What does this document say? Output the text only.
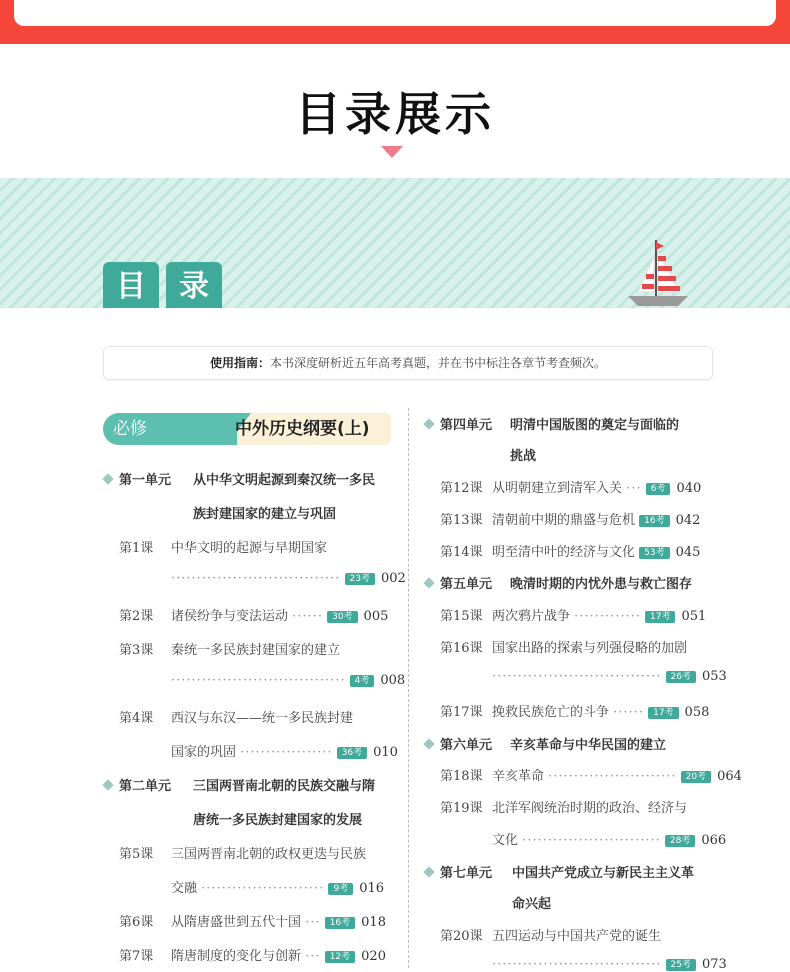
目录展示
目	录
使用指南：本书深度研析近五年高考真题，并在书中标注各章节考查频次。
必修	中外历史纲要(上)
第一单元 从中华文明起源到秦汉统一多民
族封建国家的建立与巩固
第1课 中华文明的起源与早期国家
································· 23考 002
第2课 诸侯纷争与变法运动 ······ 30考 005
第3课 秦统一多民族封建国家的建立
·································· 4考 008
第4课 西汉与东汉——统一多民族封建
国家的巩固 ·················· 36考 010
第二单元 三国两晋南北朝的民族交融与隋
唐统一多民族封建国家的发展
第5课 三国两晋南北朝的政权更迭与民族
交融 ························ 9考 016
第6课 从隋唐盛世到五代十国 ··· 16考 018
第7课 隋唐制度的变化与创新 ··· 12考 020
第四单元 明清中国版图的奠定与面临的
挑战
第12课 从明朝建立到清军入关 ··· 6考 040
第13课 清朝前中期的鼎盛与危机 16考 042
第14课 明至清中叶的经济与文化 53考 045
第五单元 晚清时期的内忧外患与救亡图存
第15课 两次鸦片战争 ············· 17考 051
第16课 国家出路的探索与列强侵略的加剧
································· 26考 053
第17课 挽救民族危亡的斗争 ······ 17考 058
第六单元 辛亥革命与中华民国的建立
第18课 辛亥革命 ························· 20考 064
第19课 北洋军阀统治时期的政治、经济与
文化 ··························· 28考 066
第七单元 中国共产党成立与新民主主义革
命兴起
第20课 五四运动与中国共产党的诞生
································· 25考 073
